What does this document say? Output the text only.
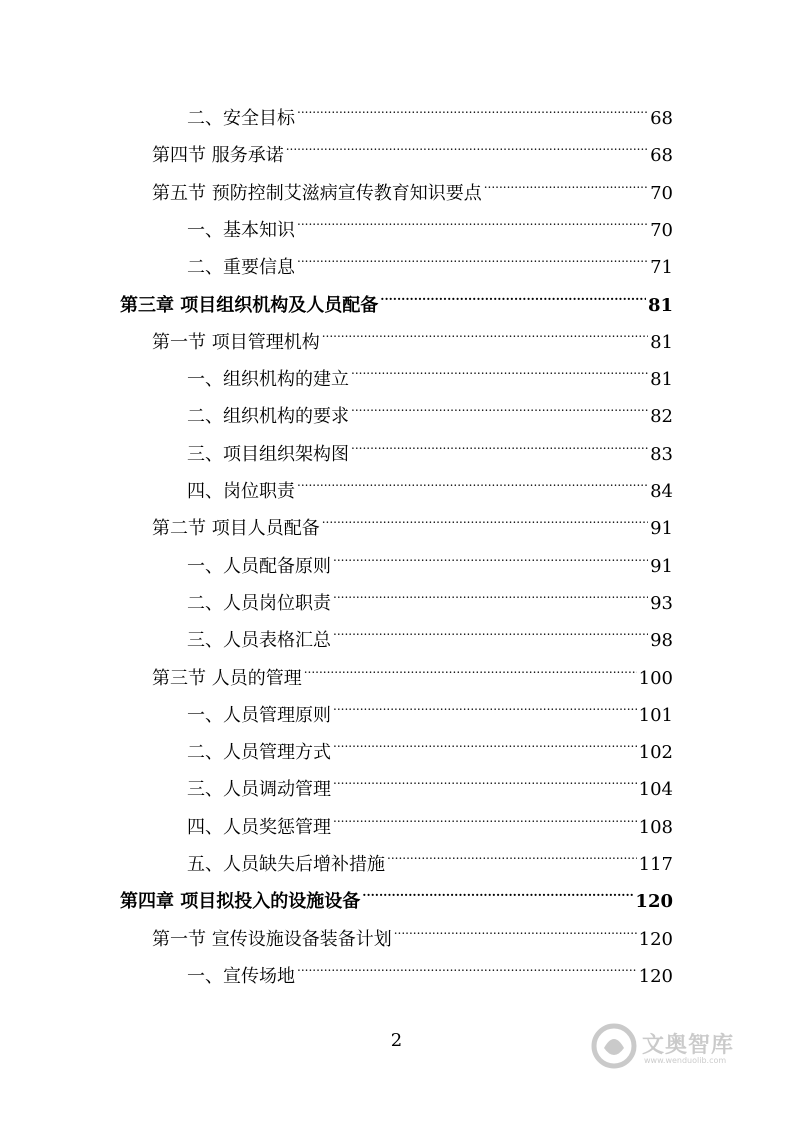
二、安全目标 .....	68
第四节 服务承诺 .....	68
第五节 预防控制艾滋病宣传教育知识要点 .....	70
一、基本知识 .....	70
二、重要信息 .....	71
第三章 项目组织机构及人员配备 .....	81
第一节 项目管理机构 .....	81
一、组织机构的建立 .....	81
二、组织机构的要求 .....	82
三、项目组织架构图 .....	83
四、岗位职责 .....	84
第二节 项目人员配备 .....	91
一、人员配备原则 .....	91
二、人员岗位职责 .....	93
三、人员表格汇总 .....	98
第三节 人员的管理 .....	100
一、人员管理原则 .....	101
二、人员管理方式 .....	102
三、人员调动管理 .....	104
四、人员奖惩管理 .....	108
五、人员缺失后增补措施 .....	117
第四章 项目拟投入的设施设备 .....	120
第一节 宣传设施设备装备计划 .....	120
一、宣传场地 .....	120
2	文奥智库
www.wenduolib.com
